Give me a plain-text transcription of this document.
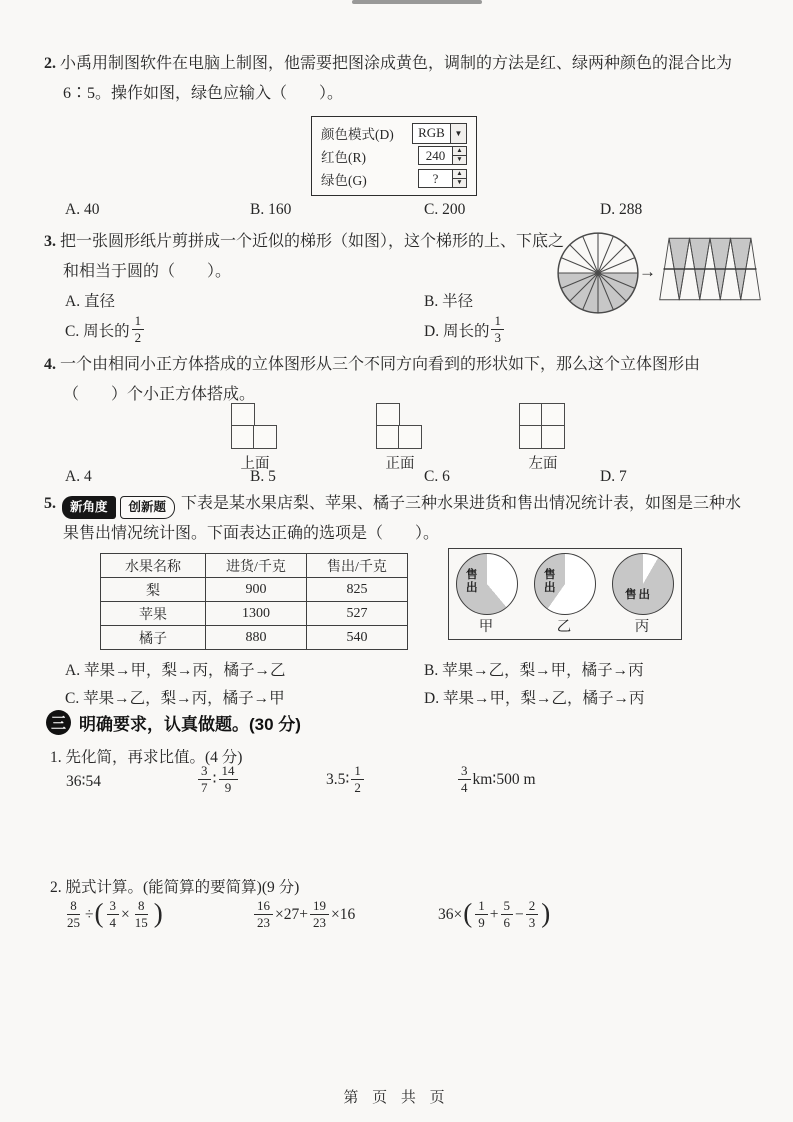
2. 小禹用制图软件在电脑上制图，他需要把图涂成黄色，调制的方法是红、绿两种颜色的混合比为
6∶5。操作如图，绿色应输入（　　）。
颜色模式(D)	RGB	▼
红色(R)	240	▲
▼
绿色(G)	?	▲
▼
A. 40	B. 160	C. 200	D. 288
3. 把一张圆形纸片剪拼成一个近似的梯形（如图），这个梯形的上、下底之
和相当于圆的（　　）。
A. 直径	B. 半径
C. 周长的 $\frac{1}{2}$	D. 周长的 $\frac{1}{3}$
→
4. 一个由相同小正方体搭成的立体图形从三个不同方向看到的形状如下，那么这个立体图形由
（　　）个小正方体搭成。
上面	正面	左面
A. 4	B. 5	C. 6	D. 7
5.	新角度	创新题 下表是某水果店梨、苹果、橘子三种水果进货和售出情况统计表，如图是三种水
果售出情况统计图。下面表达正确的选项是（　　）。
水果名称	进货/千克	售出/千克
梨	900	825
苹果	1300	527
橘子	880	540
售出
甲
售出
乙
售出
丙
A. 苹果→甲，梨→丙，橘子→乙	B. 苹果→乙，梨→甲，橘子→丙
C. 苹果→乙，梨→丙，橘子→甲	D. 苹果→甲，梨→乙，橘子→丙
三 明确要求，认真做题。(30 分)
1. 先化简，再求比值。(4 分)
36∶54	$\frac{3}{7}$ ∶ $\frac{14}{9}$	3.5∶ $\frac{1}{2}$	$\frac{3}{4}$ km∶500 m
2. 脱式计算。(能简算的要简算)(9 分)
$\frac{8}{25}$ ÷ ( $\frac{3}{4} \times \frac{8}{15}$ )	$\frac{16}{23} \times 27+ \frac{19}{23} \times 16$	36× ( $\frac{1}{9} + \frac{5}{6} - \frac{2}{3}$ )
第 页 共 页
